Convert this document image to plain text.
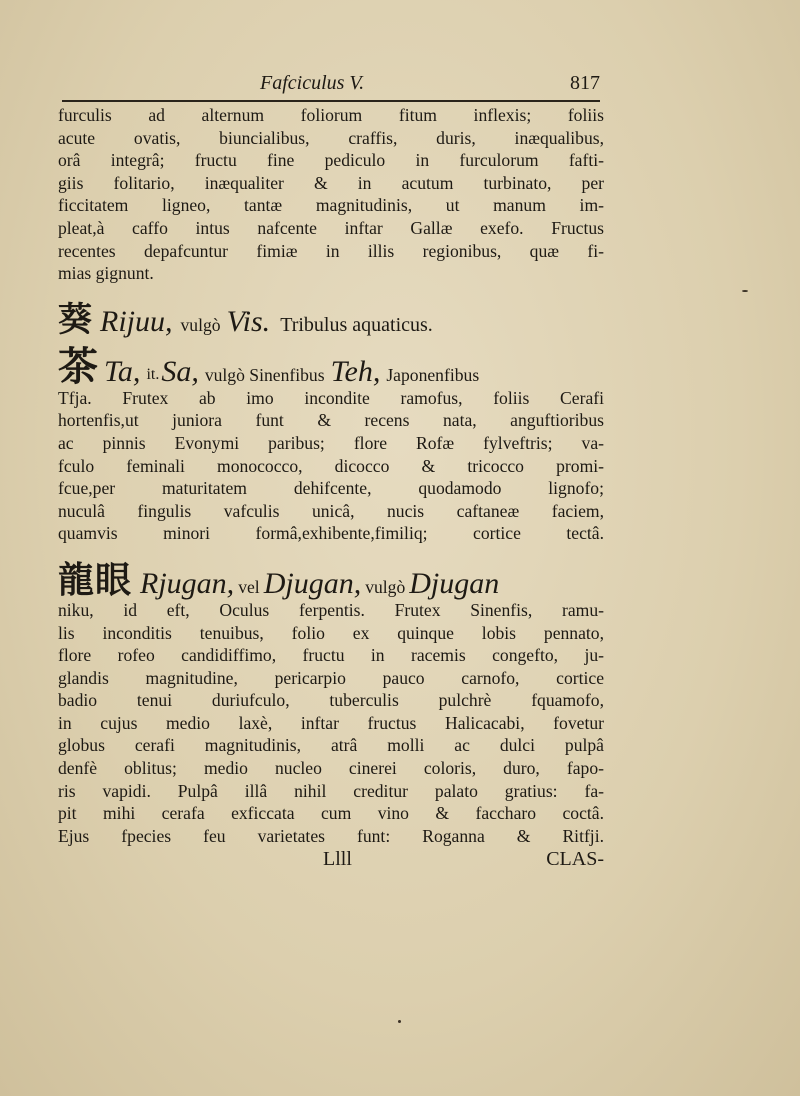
Fafciculus V.	817
furculis ad alternum foliorum fitum inflexis; foliis
acute ovatis, biuncialibus, craffis, duris, inæqualibus,
orâ integrâ; fructu fine pediculo in furculorum fafti-
giis folitario, inæqualiter & in acutum turbinato, per
ficcitatem ligneo, tantæ magnitudinis, ut manum im-
pleat,à caffo intus nafcente inftar Gallæ exefo. Fructus
recentes depafcuntur fimiæ in illis regionibus, quæ fi-
mias gignunt.
葵 Rijuu, vulgò Vis. Tribulus aquaticus.
茶 Ta, it. Sa, vulgò Sinenfibus Teh, Japonenfibus
Tfja. Frutex ab imo incondite ramofus, foliis Cerafi
hortenfis,ut juniora funt & recens nata, anguftioribus
ac pinnis Evonymi paribus; flore Rofæ fylveftris; va-
fculo feminali monococco, dicocco & tricocco promi-
fcue,per maturitatem dehifcente, quodamodo lignofo;
nuculâ fingulis vafculis unicâ, nucis caftaneæ faciem,
quamvis minori formâ,exhibente,fimiliq; cortice tectâ.
龍眼 Rjugan, vel Djugan, vulgò Djugan
niku, id eft, Oculus ferpentis. Frutex Sinenfis, ramu-
lis inconditis tenuibus, folio ex quinque lobis pennato,
flore rofeo candidiffimo, fructu in racemis congefto, ju-
glandis magnitudine, pericarpio pauco carnofo, cortice
badio tenui duriufculo, tuberculis pulchrè fquamofo,
in cujus medio laxè, inftar fructus Halicacabi, fovetur
globus cerafi magnitudinis, atrâ molli ac dulci pulpâ
denfè oblitus; medio nucleo cinerei coloris, duro, fapo-
ris vapidi. Pulpâ illâ nihil creditur palato gratius: fa-
pit mihi cerafa exficcata cum vino & faccharo coctâ.
Ejus fpecies feu varietates funt: Roganna & Ritfji.
Llll	CLAS-
